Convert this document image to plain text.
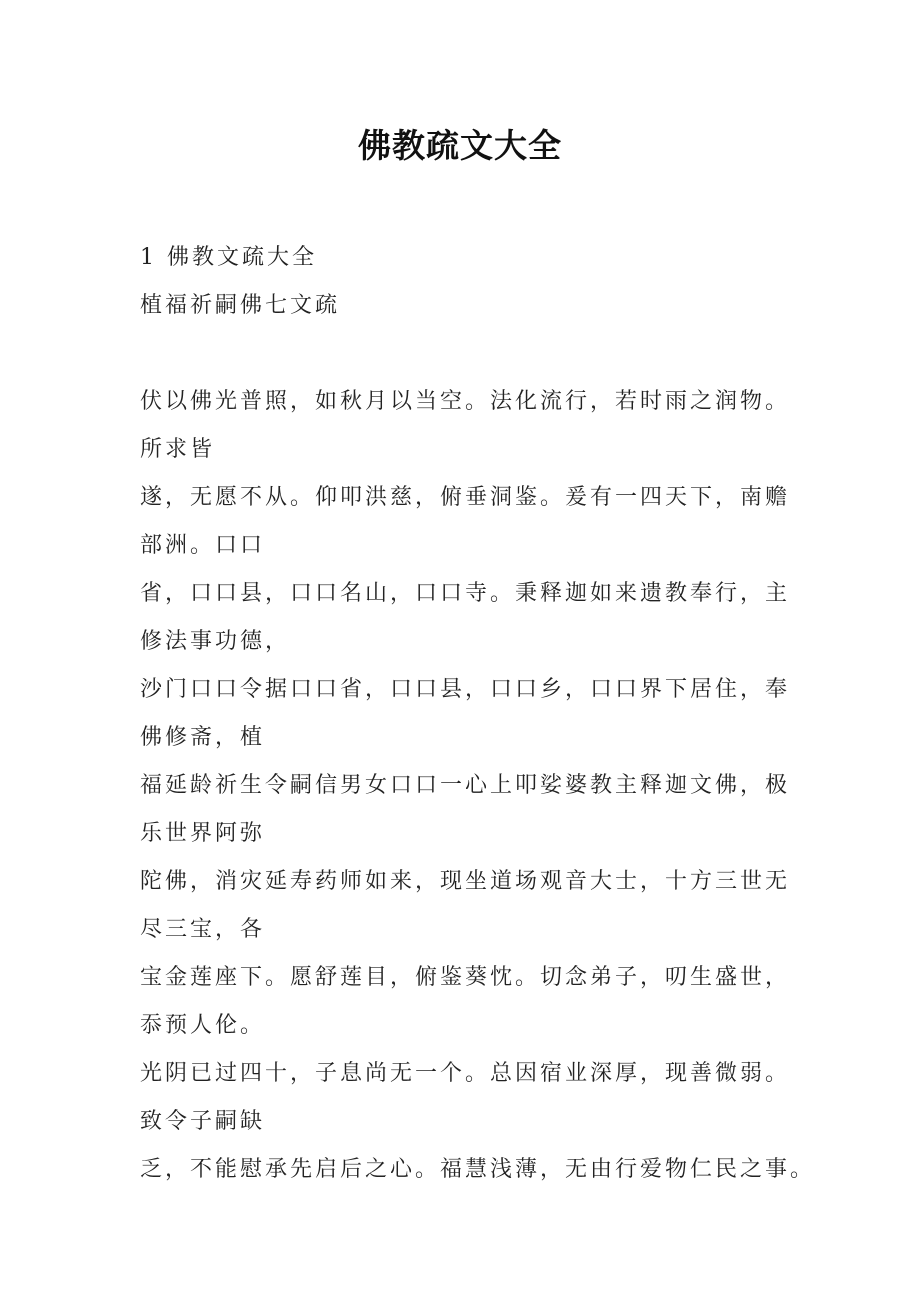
佛教疏文大全
1 佛教文疏大全
植福祈嗣佛七文疏
伏以佛光普照，如秋月以当空。法化流行，若时雨之润物。
所求皆
遂，无愿不从。仰叩洪慈，俯垂洞鉴。爰有一四天下，南赡
部洲。口口
省，口口县，口口名山，口口寺。秉释迦如来遗教奉行，主
修法事功德，
沙门口口令据口口省，口口县，口口乡，口口界下居住，奉
佛修斋，植
福延龄祈生令嗣信男女口口一心上叩娑婆教主释迦文佛，极
乐世界阿弥
陀佛，消灾延寿药师如来，现坐道场观音大士，十方三世无
尽三宝，各
宝金莲座下。愿舒莲目，俯鉴葵忱。切念弟子，叨生盛世，
忝预人伦。
光阴已过四十，子息尚无一个。总因宿业深厚，现善微弱。
致令子嗣缺
乏，不能慰承先启后之心。福慧浅薄，无由行爱物仁民之事。
